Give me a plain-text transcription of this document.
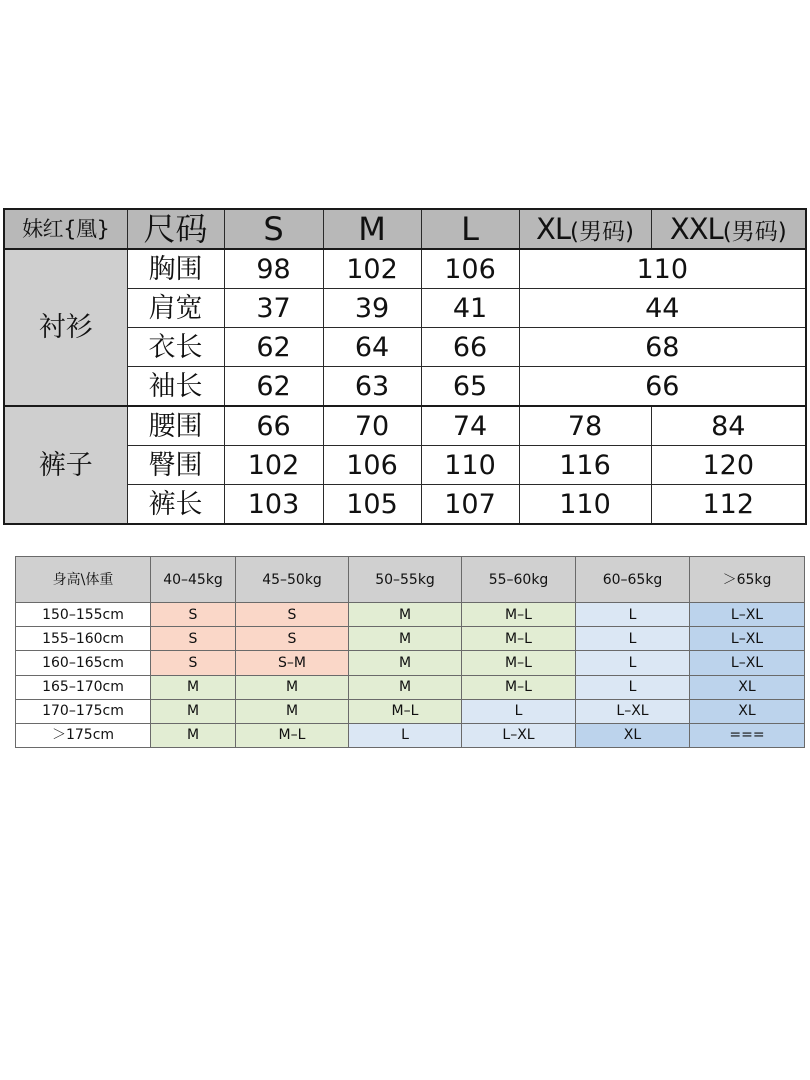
妹红{凰}	尺码	S	M	L	XL(男码)	XXL(男码)
衬衫	胸围	98	102	106	110	
	肩宽	37	39	41	44	
	衣长	62	64	66	68	
	袖长	62	63	65	66	
裤子	腰围	66	70	74	78	84
	臀围	102	106	110	116	120
	裤长	103	105	107	110	112
身高\体重	40–45kg	45–50kg	50–55kg	55–60kg	60–65kg	＞65kg
150–155cm	S	S	M	M–L	L	L–XL
155–160cm	S	S	M	M–L	L	L–XL
160–165cm	S	S–M	M	M–L	L	L–XL
165–170cm	M	M	M	M–L	L	XL
170–175cm	M	M	M–L	L	L–XL	XL
＞175cm	M	M–L	L	L–XL	XL	===
